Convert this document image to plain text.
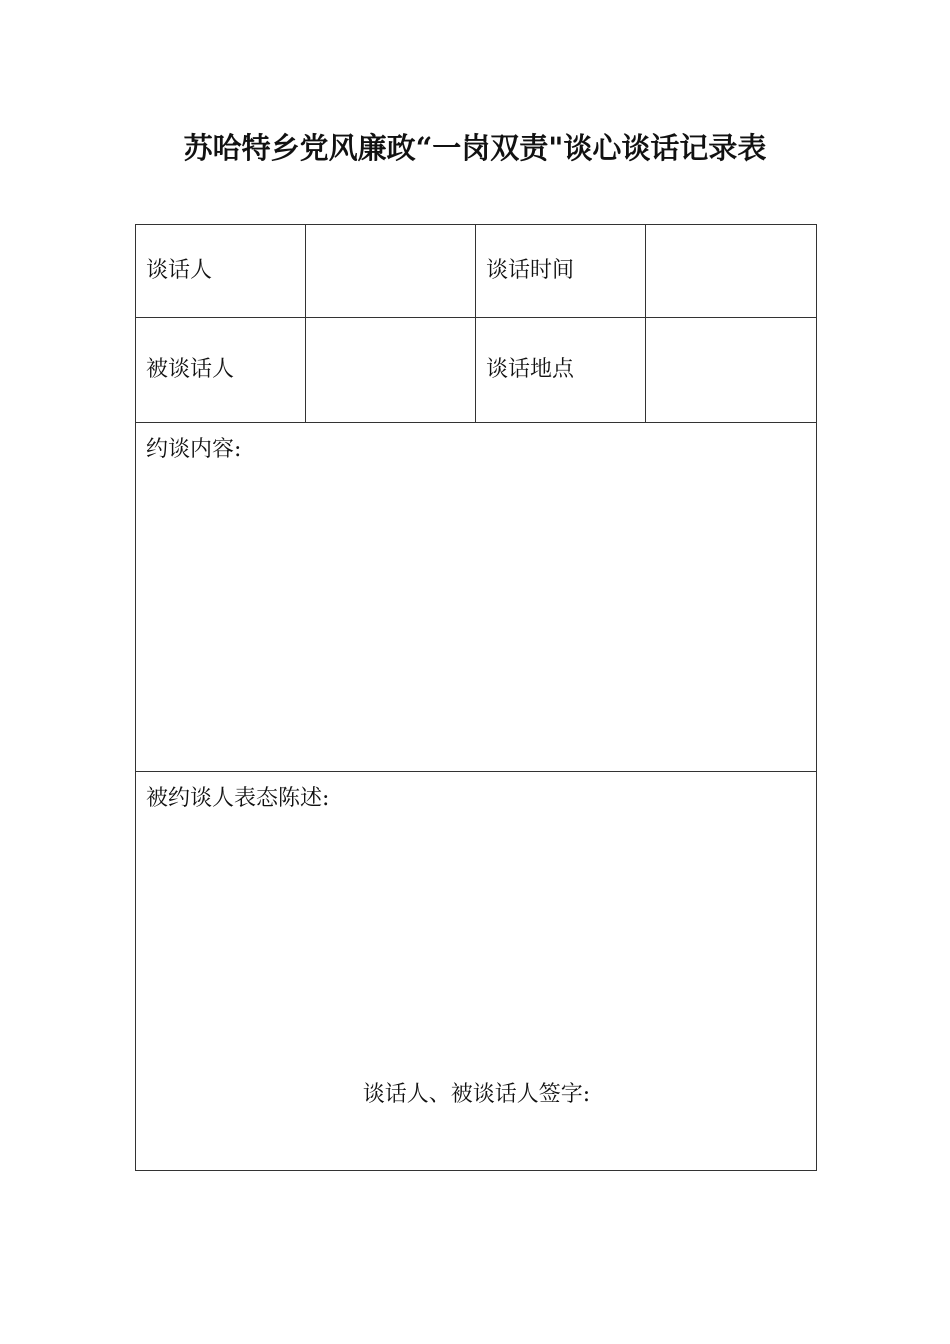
苏哈特乡党风廉政“一岗双责"谈心谈话记录表
谈话人		谈话时间	
被谈话人		谈话地点	

约谈内容:			

被约谈人表态陈述:
谈话人、被谈话人签字:			
